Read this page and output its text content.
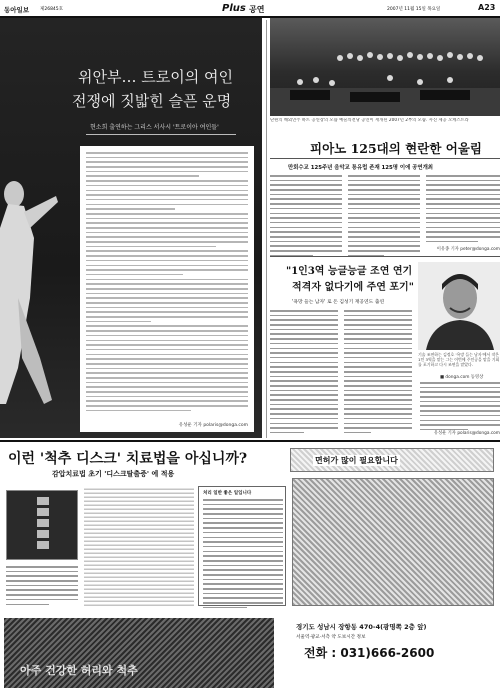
동아일보 제26845호	Plus 공연	2007년 11월 15일 목요일	A23
위안부… 트로이의 여인
전쟁에 짓밟힌 슬픈 운명
현소희 출연하는 그리스 서사시 '트로이아 여인들'
유성운 기자 polaris@donga.com
단원의 해외연주 하트 공연장의 모습 예술의전당 공연이 재개된 2007년 2부의 모습. 사진 제공 오케스트라
피아노 125대의 현란한 어울림
만회수교 125주년 음악교 통유럽 존재 125명 이에 공연개최
이유종 기자 peter@donga.com
"1인3역 능글능글 조연 연기
적격자 없다기에 주연 포기"
'욕망 들는 남자' 로 돈 김성기 재공연도 출연
기술 조연하는 김정호 '욕망 들는 남자'에서 작은 1인 3역을 맡는 그는 이번에 주인공을 맡을 기회를 포기하고 다시 조연을 맡았다.
■ donga.com 동영상
유성운 기자 polaris@donga.com
이런 '척추 디스크' 치료법을 아십니까?
감압치료법 초기 '디스크탈출증' 에 적용
면허가 많이 필요합니다
처리 일반 좋은 일입니다
아주 건강한 허리와 척추
경기도 성남시 장항동 470-4(광명쪽 2층 앞)
서울역·광교·서측 약 도보시간 정보
전화 : 031)666-2600
